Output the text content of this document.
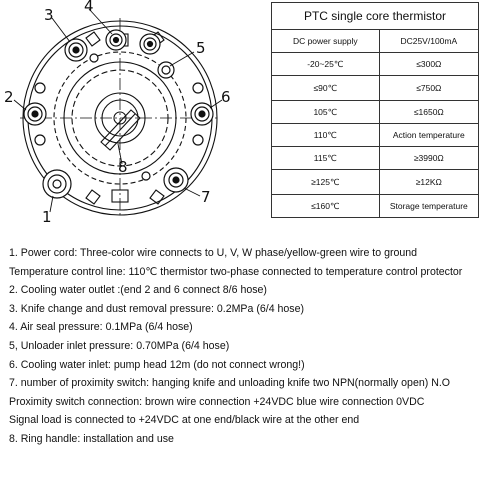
3 4
5
2	6
1
7
8
PTC single core thermistor	
DC power supply	DC25V/100mA
-20~25℃	≤300Ω
≤90℃	≤750Ω
105℃	≤1650Ω
110℃	Action temperature
115℃	≥3990Ω
≥125℃	≥12KΩ
≤160℃	Storage temperature
1. Power cord: Three-color wire connects to U, V, W phase/yellow-green wire to ground
Temperature control line: 110℃ thermistor two-phase connected to temperature control protector
2. Cooling water outlet :(end 2 and 6 connect 8/6 hose)
3. Knife change and dust removal pressure: 0.2MPa (6/4 hose)
4. Air seal pressure: 0.1MPa (6/4 hose)
5, Unloader inlet pressure: 0.70MPa (6/4 hose)
6. Cooling water inlet: pump head 12m (do not connect wrong!)
7. number of proximity switch: hanging knife and unloading knife two NPN(normally open) N.O
Proximity switch connection: brown wire connection +24VDC blue wire connection 0VDC
Signal load is connected to +24VDC at one end/black wire at the other end
8. Ring handle: installation and use
